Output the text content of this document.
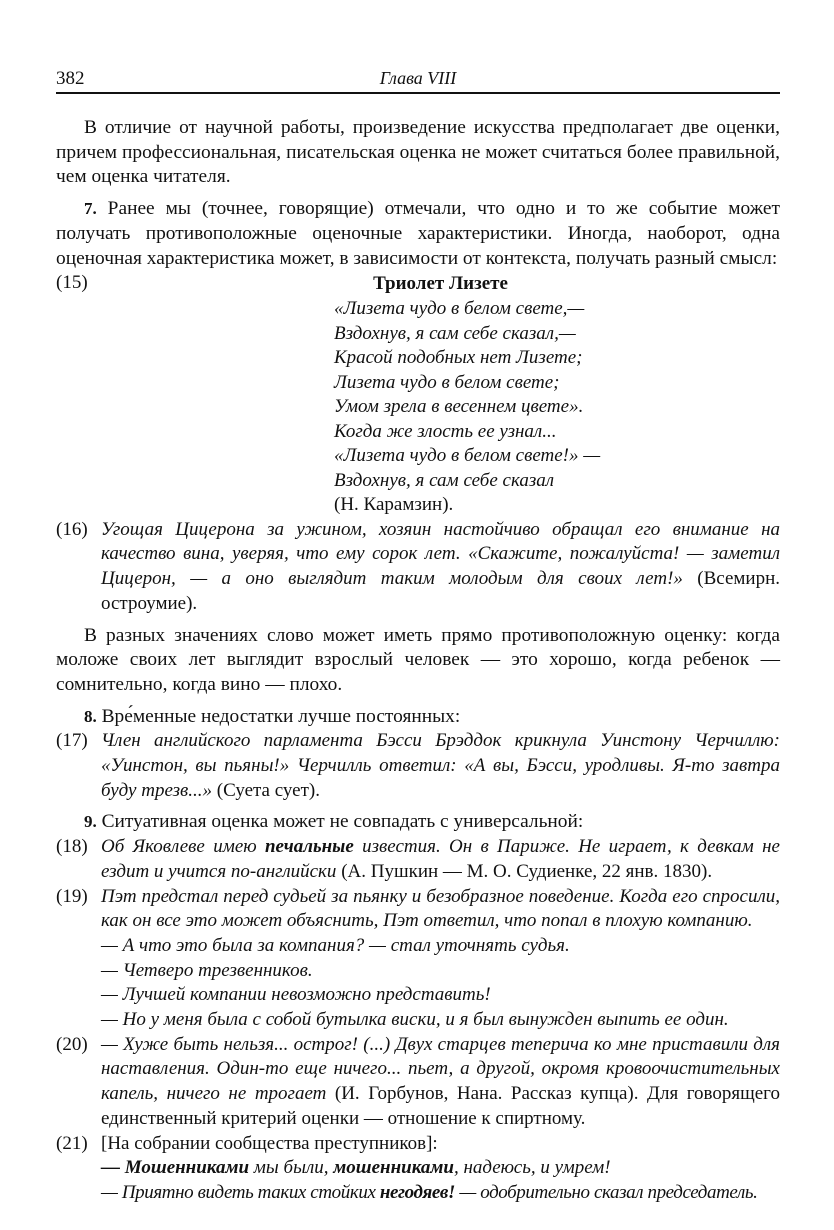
382	Глава VIII

В отличие от научной работы, произведение искусства предполагает две оценки, причем профессиональная, писательская оценка не может считаться более правильной, чем оценка читателя.

7. Ранее мы (точнее, говорящие) отмечали, что одно и то же событие может получать противоположные оценочные характеристики. Иногда, наоборот, одна оценочная характеристика может, в зависимости от контекста, получать разный смысл:

(15)	Триолет Лизете
«Лизета чудо в белом свете,—
Вздохнув, я сам себе сказал,—
Красой подобных нет Лизете;
Лизета чудо в белом свете;
Умом зрела в весеннем цвете».
Когда же злость ее узнал...
«Лизета чудо в белом свете!» —
Вздохнув, я сам себе сказал
(Н. Карамзин).

(16) Угощая Цицерона за ужином, хозяин настойчиво обращал его внимание на качество вина, уверяя, что ему сорок лет. «Скажите, пожалуйста! — заметил Цицерон, — а оно выглядит таким молодым для своих лет!» (Всемирн. остроумие).

В разных значениях слово может иметь прямо противоположную оценку: когда моложе своих лет выглядит взрослый человек — это хорошо, когда ребенок — сомнительно, когда вино — плохо.

8. Вре́менные недостатки лучше постоянных:

(17) Член английского парламента Бэсси Брэддок крикнула Уинстону Черчиллю: «Уинстон, вы пьяны!» Черчилль ответил: «А вы, Бэсси, уродливы. Я-то завтра буду трезв...» (Суета сует).

9. Ситуативная оценка может не совпадать с универсальной:

(18) Об Яковлеве имею печальные известия. Он в Париже. Не играет, к девкам не ездит и учится по-английски (А. Пушкин — М. О. Судиенке, 22 янв. 1830).

(19) Пэт предстал перед судьей за пьянку и безобразное поведение. Когда его спросили, как он все это может объяснить, Пэт ответил, что попал в плохую компанию.
— А что это была за компания? — стал уточнять судья.
— Четверо трезвенников.
— Лучшей компании невозможно представить!
— Но у меня была с собой бутылка виски, и я был вынужден выпить ее один.

(20) — Хуже быть нельзя... острог! (...) Двух старцев теперича ко мне приставили для наставления. Один-то еще ничего... пьет, а другой, окромя кровоочистительных капель, ничего не трогает (И. Горбунов, Нана. Рассказ купца). Для говорящего единственный критерий оценки — отношение к спиртному.

(21) [На собрании сообщества преступников]:
— Мошенниками мы были, мошенниками, надеюсь, и умрем!
— Приятно видеть таких стойких негодяев! — одобрительно сказал председатель.
